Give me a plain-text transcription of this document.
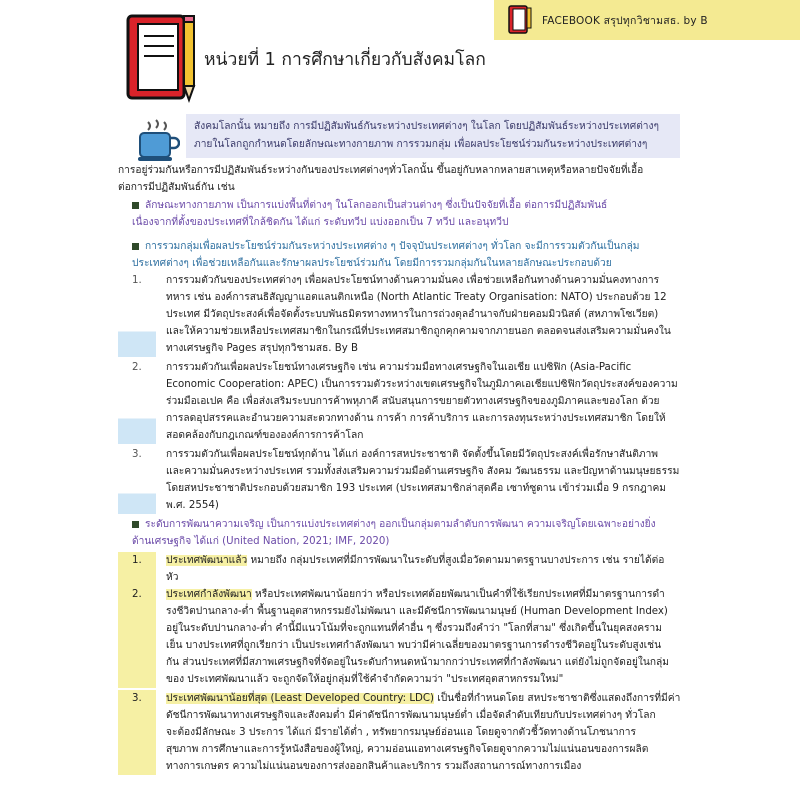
FACEBOOK สรุปทุกวิชามสธ. by B
หน่วยที่ 1 การศึกษาเกี่ยวกับสังคมโลก
สังคมโลกนั้น หมายถึง การมีปฏิสัมพันธ์กันระหว่างประเทศต่างๆ ในโลก โดยปฏิสัมพันธ์ระหว่างประเทศต่างๆ
ภายในโลกถูกกำหนดโดยลักษณะทางกายภาพ การรวมกลุ่ม เพื่อผลประโยชน์ร่วมกันระหว่างประเทศต่างๆ
การอยู่ร่วมกันหรือการมีปฏิสัมพันธ์ระหว่างกันของประเทศต่างๆทั่วโลกนั้น ขึ้นอยู่กับหลากหลายสาเหตุหรือหลายปัจจัยที่เอื้อ
ต่อการมีปฏิสัมพันธ์กัน เช่น
ลักษณะทางกายภาพ เป็นการแบ่งพื้นที่ต่างๆ ในโลกออกเป็นส่วนต่างๆ ซึ่งเป็นปัจจัยที่เอื้อ ต่อการมีปฏิสัมพันธ์
เนื่องจากที่ตั้งของประเทศที่ใกล้ชิดกัน ได้แก่ ระดับทวีป แบ่งออกเป็น 7 ทวีป และอนุทวีป
การรวมกลุ่มเพื่อผลประโยชน์ร่วมกันระหว่างประเทศต่าง ๆ ปัจจุบันประเทศต่างๆ ทั่วโลก จะมีการรวมตัวกันเป็นกลุ่ม
ประเทศต่างๆ เพื่อช่วยเหลือกันและรักษาผลประโยชน์ร่วมกัน โดยมีการรวมกลุ่มกันในหลายลักษณะประกอบด้วย
1.	การรวมตัวกันของประเทศต่างๆ เพื่อผลประโยชน์ทางด้านความมั่นคง เพื่อช่วยเหลือกันทางด้านความมั่นคงทางการ
ทหาร เช่น องค์การสนธิสัญญาแอตแลนติกเหนือ (North Atlantic Treaty Organisation: NATO) ประกอบด้วย 12
ประเทศ มีวัตถุประสงค์เพื่อจัดตั้งระบบพันธมิตรทางทหารในการถ่วงดุลอำนาจกับฝ่ายคอมมิวนิสต์ (สหภาพโซเวียต)
และให้ความช่วยเหลือประเทศสมาชิกในกรณีที่ประเทศสมาชิกถูกคุกคามจากภายนอก ตลอดจนส่งเสริมความมั่นคงใน
ทางเศรษฐกิจ Pages สรุปทุกวิชามสธ. By B
2.	การรวมตัวกันเพื่อผลประโยชน์ทางเศรษฐกิจ เช่น ความร่วมมือทางเศรษฐกิจในเอเชีย แปซิฟิก (Asia-Pacific
Economic Cooperation: APEC) เป็นการรวมตัวระหว่างเขตเศรษฐกิจในภูมิภาคเอเชียแปซิฟิกวัตถุประสงค์ของความ
ร่วมมือเอเปค คือ เพื่อส่งเสริมระบบการค้าพหุภาคี สนับสนุนการขยายตัวทางเศรษฐกิจของภูมิภาคและของโลก ด้วย
การลดอุปสรรคและอำนวยความสะดวกทางด้าน การค้า การค้าบริการ และการลงทุนระหว่างประเทศสมาชิก โดยให้
สอดคล้องกับกฎเกณฑ์ขององค์การการค้าโลก
3.	การรวมตัวกันเพื่อผลประโยชน์ทุกด้าน ได้แก่ องค์การสหประชาชาติ จัดตั้งขึ้นโดยมีวัตถุประสงค์เพื่อรักษาสันติภาพ
และความมั่นคงระหว่างประเทศ รวมทั้งส่งเสริมความร่วมมือด้านเศรษฐกิจ สังคม วัฒนธรรม และปัญหาด้านมนุษยธรรม
โดยสหประชาชาติประกอบด้วยสมาชิก 193 ประเทศ (ประเทศสมาชิกล่าสุดคือ เซาท์ซูดาน เข้าร่วมเมื่อ 9 กรกฎาคม
พ.ศ. 2554)
ระดับการพัฒนาความเจริญ เป็นการแบ่งประเทศต่างๆ ออกเป็นกลุ่มตามลำดับการพัฒนา ความเจริญโดยเฉพาะอย่างยิ่ง
ด้านเศรษฐกิจ ได้แก่ (United Nation, 2021; IMF, 2020)
1.	ประเทศพัฒนาแล้ว หมายถึง กลุ่มประเทศที่มีการพัฒนาในระดับที่สูงเมื่อวัดตามมาตรฐานบางประการ เช่น รายได้ต่อ
หัว
2.	ประเทศกำลังพัฒนา หรือประเทศพัฒนาน้อยกว่า หรือประเทศด้อยพัฒนาเป็นคำที่ใช้เรียกประเทศที่มีมาตรฐานการดำ
รงชีวิตปานกลาง-ต่ำ พื้นฐานอุตสาหกรรมยังไม่พัฒนา และมีดัชนีการพัฒนามนุษย์ (Human Development Index)
อยู่ในระดับปานกลาง-ต่ำ คำนี้มีแนวโน้มที่จะถูกแทนที่คำอื่น ๆ ซึ่งรวมถึงคำว่า "โลกที่สาม" ซึ่งเกิดขึ้นในยุคสงคราม
เย็น บางประเทศที่ถูกเรียกว่า เป็นประเทศกำลังพัฒนา พบว่ามีค่าเฉลี่ยของมาตรฐานการดำรงชีวิตอยู่ในระดับสูงเช่น
กัน ส่วนประเทศที่มีสภาพเศรษฐกิจที่จัดอยู่ในระดับกำหนดหน้ามากกว่าประเทศที่กำลังพัฒนา แต่ยังไม่ถูกจัดอยู่ในกลุ่ม
ของ ประเทศพัฒนาแล้ว จะถูกจัดให้อยู่กลุ่มที่ใช้คำจำกัดความว่า "ประเทศอุตสาหกรรมใหม่"
3.	ประเทศพัฒนาน้อยที่สุด (Least Developed Country: LDC) เป็นชื่อที่กำหนดโดย สหประชาชาติซึ่งแสดงถึงการที่มีค่า
ดัชนีการพัฒนาทางเศรษฐกิจและสังคมต่ำ มีค่าดัชนีการพัฒนามนุษย์ต่ำ เมื่อจัดลำดับเทียบกับประเทศต่างๆ ทั่วโลก
จะต้องมีลักษณะ 3 ประการ ได้แก่ มีรายได้ต่ำ , ทรัพยากรมนุษย์อ่อนแอ โดยดูจากตัวชี้วัดทางด้านโภชนาการ
สุขภาพ การศึกษาและการรู้หนังสือของผู้ใหญ่, ความอ่อนแอทางเศรษฐกิจโดยดูจากความไม่แน่นอนของการผลิต
ทางการเกษตร ความไม่แน่นอนของการส่งออกสินค้าและบริการ รวมถึงสถานการณ์ทางการเมือง
